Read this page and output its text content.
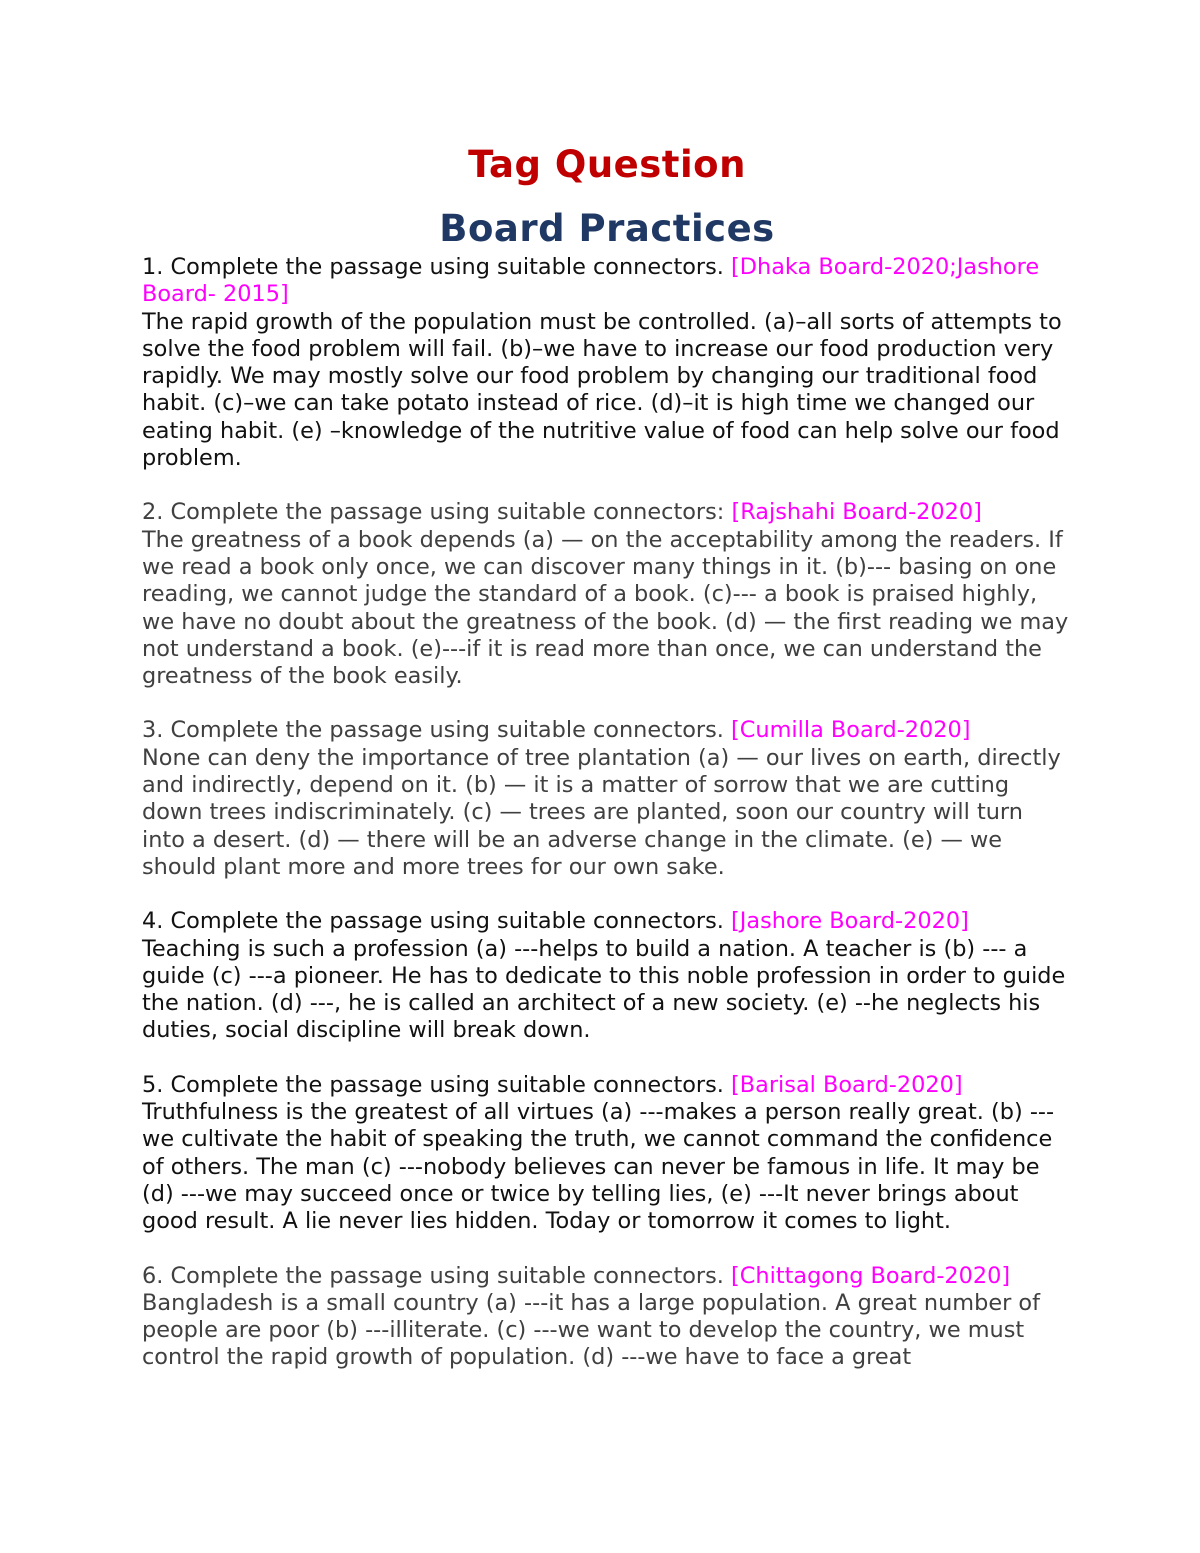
Tag Question
Board Practices
1. Complete the passage using suitable connectors. [Dhaka Board-2020;Jashore Board- 2015]
The rapid growth of the population must be controlled. (a)–all sorts of attempts to solve the food problem will fail. (b)–we have to increase our food production very rapidly. We may mostly solve our food problem by changing our traditional food habit. (c)–we can take potato instead of rice. (d)–it is high time we changed our eating habit. (e) –knowledge of the nutritive value of food can help solve our food problem.
2. Complete the passage using suitable connectors: [Rajshahi Board-2020]
The greatness of a book depends (a) — on the acceptability among the readers. If we read a book only once, we can discover many things in it. (b)--- basing on one reading, we cannot judge the standard of a book. (c)--- a book is praised highly, we have no doubt about the greatness of the book. (d) — the first reading we may not understand a book. (e)---if it is read more than once, we can understand the greatness of the book easily.
3. Complete the passage using suitable connectors. [Cumilla Board-2020]
None can deny the importance of tree plantation (a) — our lives on earth, directly and indirectly, depend on it. (b) — it is a matter of sorrow that we are cutting down trees indiscriminately. (c) — trees are planted, soon our country will turn into a desert. (d) — there will be an adverse change in the climate. (e) — we should plant more and more trees for our own sake.
4. Complete the passage using suitable connectors. [Jashore Board-2020]
Teaching is such a profession (a) ---helps to build a nation. A teacher is (b) --- a guide (c) ---a pioneer. He has to dedicate to this noble profession in order to guide the nation. (d) ---, he is called an architect of a new society. (e) --he neglects his duties, social discipline will break down.
5. Complete the passage using suitable connectors. [Barisal Board-2020]
Truthfulness is the greatest of all virtues (a) ---makes a person really great. (b) ---we cultivate the habit of speaking the truth, we cannot command the confidence of others. The man (c) ---nobody believes can never be famous in life. It may be (d) ---we may succeed once or twice by telling lies, (e) ---It never brings about good result. A lie never lies hidden. Today or tomorrow it comes to light.
6. Complete the passage using suitable connectors. [Chittagong Board-2020]
Bangladesh is a small country (a) ---it has a large population. A great number of people are poor (b) ---illiterate. (c) ---we want to develop the country, we must control the rapid growth of population. (d) ---we have to face a great
